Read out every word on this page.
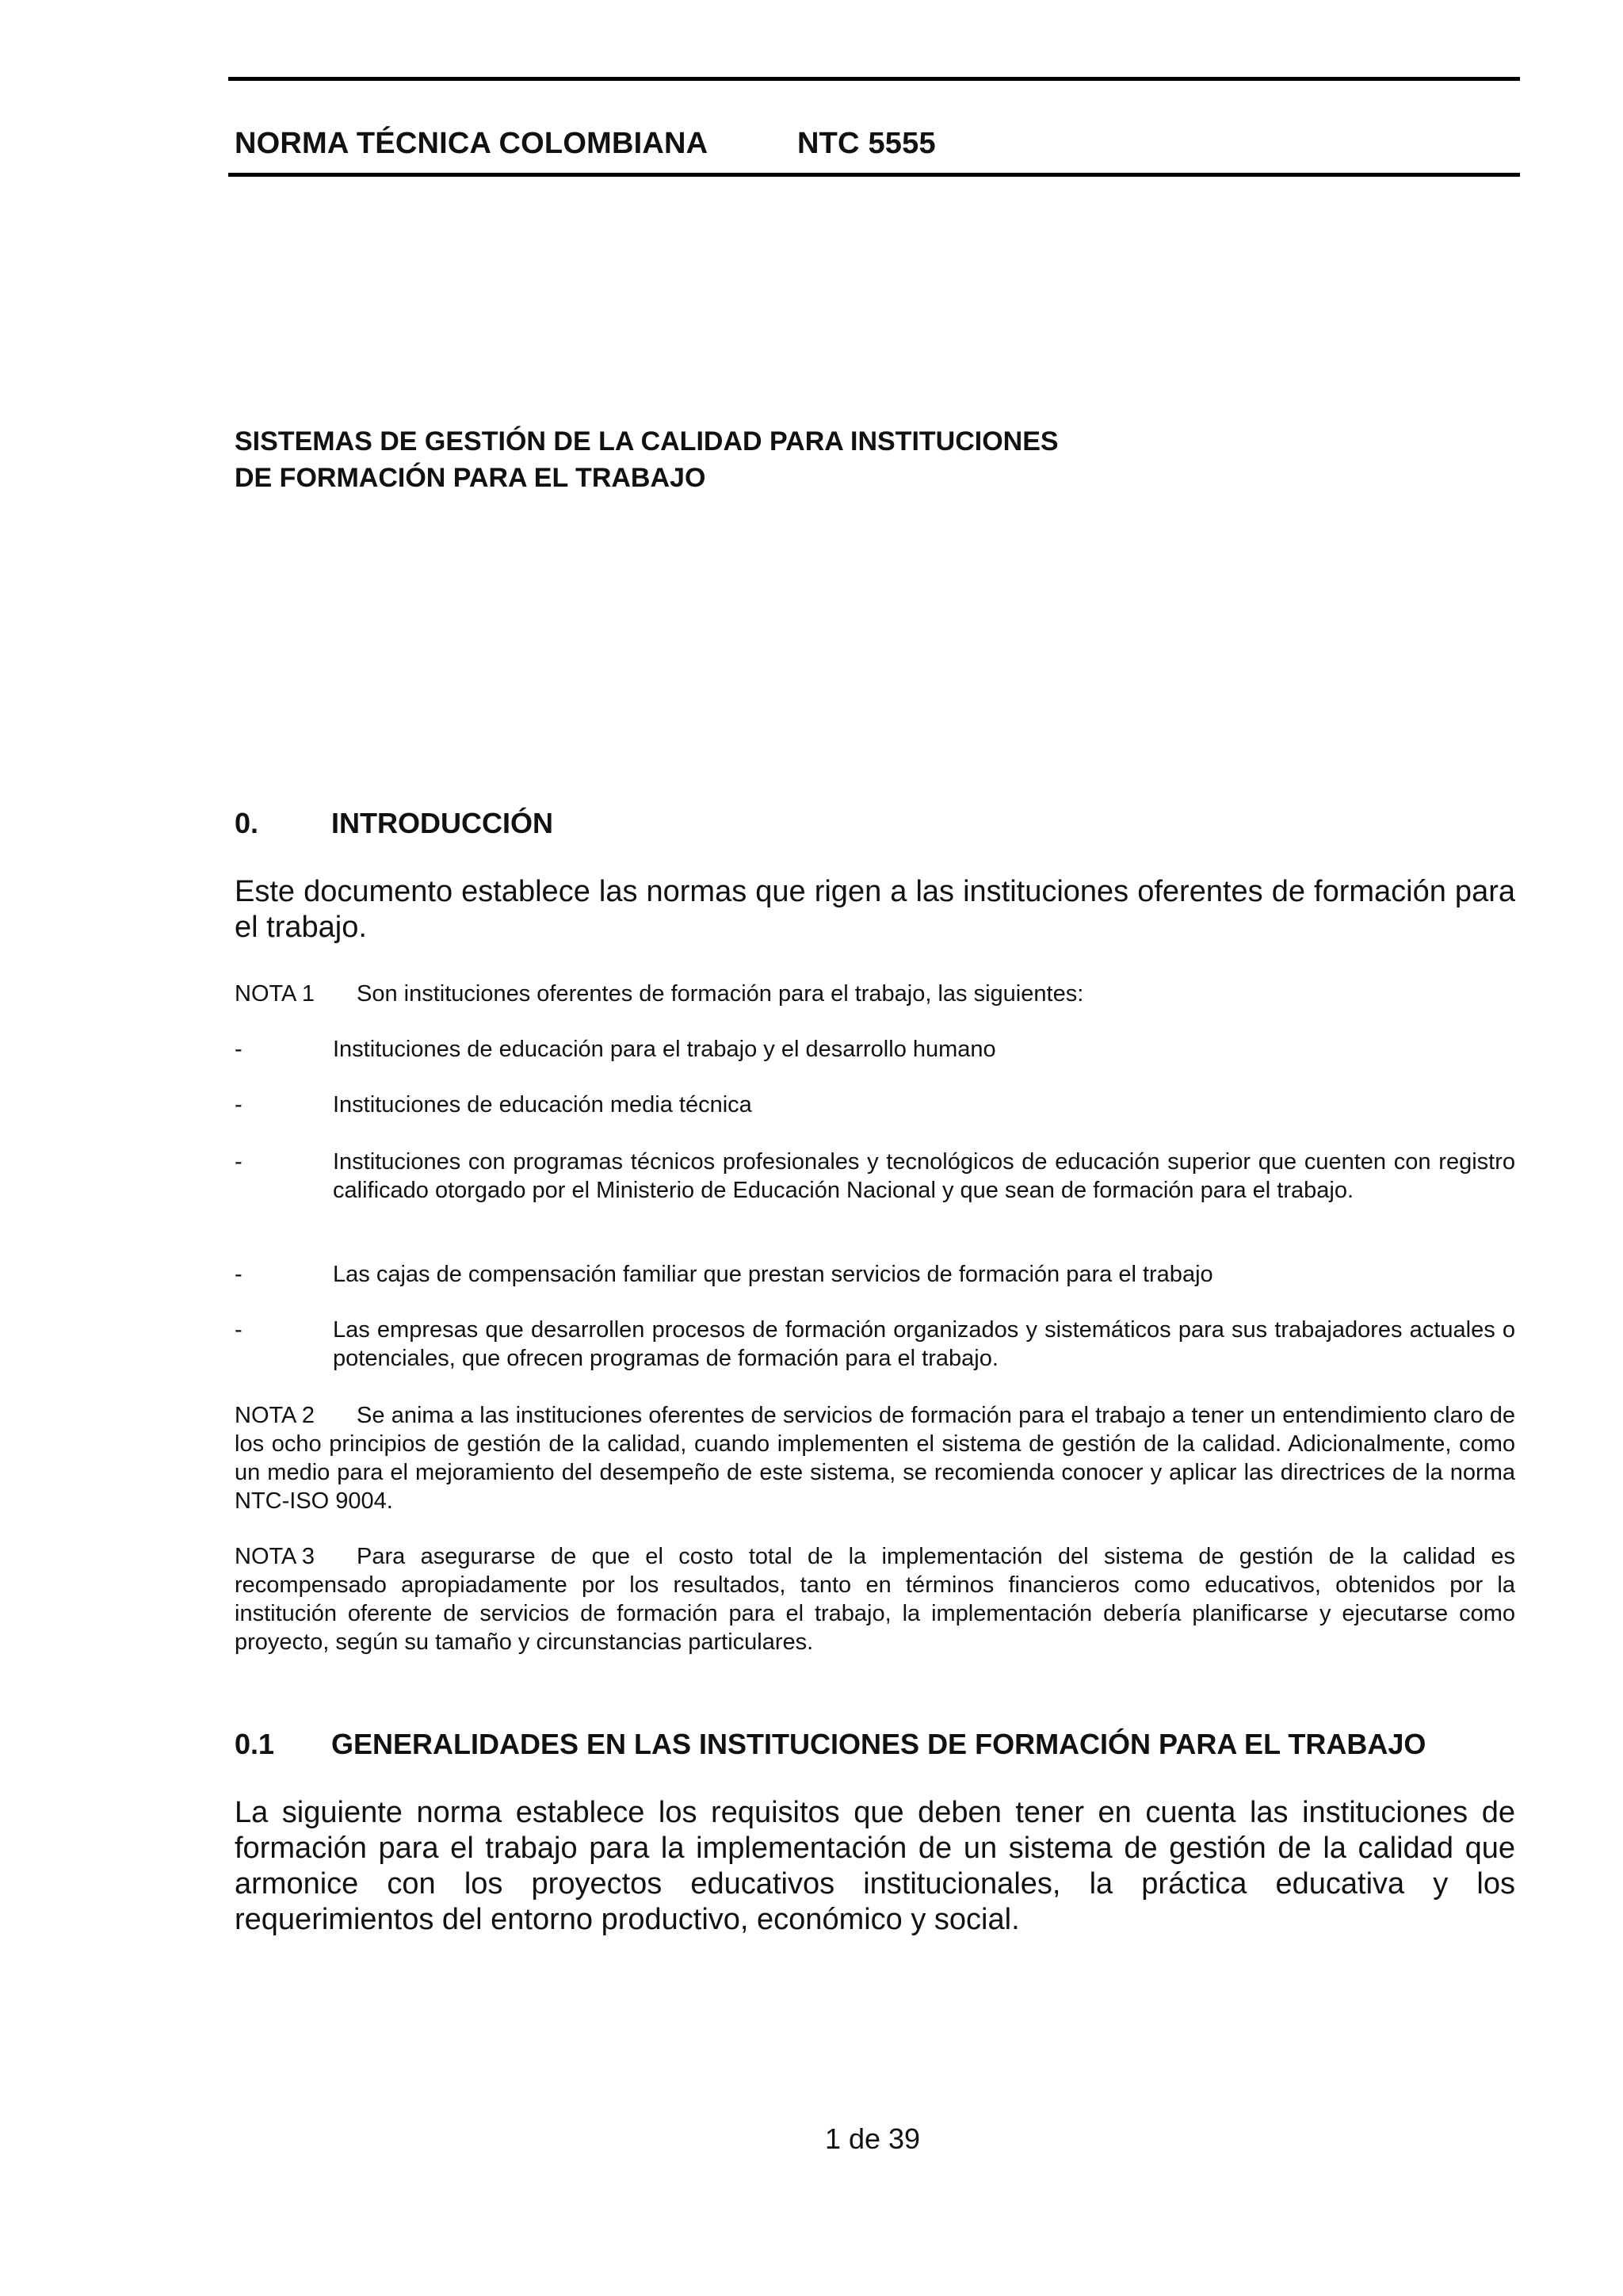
NORMA TÉCNICA COLOMBIANA	NTC 5555
SISTEMAS DE GESTIÓN DE LA CALIDAD PARA INSTITUCIONES
DE FORMACIÓN PARA EL TRABAJO
0.	INTRODUCCIÓN
Este documento establece las normas que rigen a las instituciones oferentes de formación para el trabajo.
NOTA 1 Son instituciones oferentes de formación para el trabajo, las siguientes:
-	Instituciones de educación para el trabajo y el desarrollo humano
-	Instituciones de educación media técnica
-	Instituciones con programas técnicos profesionales y tecnológicos de educación superior que cuenten con registro calificado otorgado por el Ministerio de Educación Nacional y que sean de formación para el trabajo.
-	Las cajas de compensación familiar que prestan servicios de formación para el trabajo
-	Las empresas que desarrollen procesos de formación organizados y sistemáticos para sus trabajadores actuales o potenciales, que ofrecen programas de formación para el trabajo.
NOTA 2 Se anima a las instituciones oferentes de servicios de formación para el trabajo a tener un entendimiento claro de los ocho principios de gestión de la calidad, cuando implementen el sistema de gestión de la calidad. Adicionalmente, como un medio para el mejoramiento del desempeño de este sistema, se recomienda conocer y aplicar las directrices de la norma NTC-ISO 9004.
NOTA 3 Para asegurarse de que el costo total de la implementación del sistema de gestión de la calidad es recompensado apropiadamente por los resultados, tanto en términos financieros como educativos, obtenidos por la institución oferente de servicios de formación para el trabajo, la implementación debería planificarse y ejecutarse como proyecto, según su tamaño y circunstancias particulares.
0.1 GENERALIDADES EN LAS INSTITUCIONES DE FORMACIÓN PARA EL TRABAJO
La siguiente norma establece los requisitos que deben tener en cuenta las instituciones de formación para el trabajo para la implementación de un sistema de gestión de la calidad que armonice con los proyectos educativos institucionales, la práctica educativa y los requerimientos del entorno productivo, económico y social.
1 de 39
